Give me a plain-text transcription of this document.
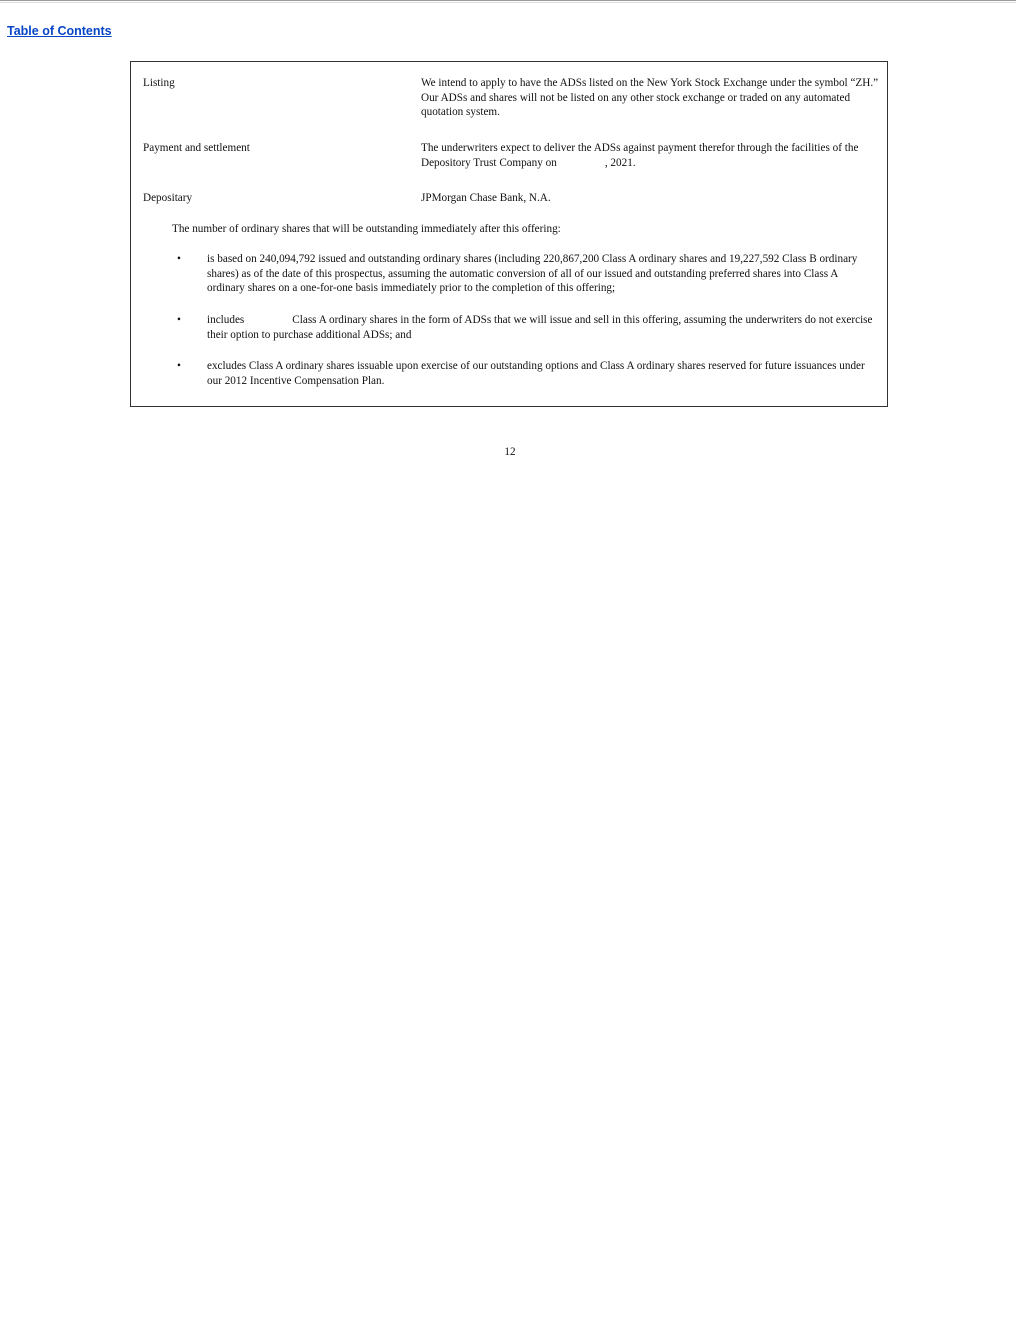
Table of Contents
Listing	We intend to apply to have the ADSs listed on the New York Stock Exchange under the symbol “ZH.” Our ADSs and shares will not be listed on any other stock exchange or traded on any automated quotation system.
Payment and settlement	The underwriters expect to deliver the ADSs against payment therefor through the facilities of the Depository Trust Company on	, 2021.
Depositary	JPMorgan Chase Bank, N.A.
The number of ordinary shares that will be outstanding immediately after this offering:
• is based on 240,094,792 issued and outstanding ordinary shares (including 220,867,200 Class A ordinary shares and 19,227,592 Class B ordinary shares) as of the date of this prospectus, assuming the automatic conversion of all of our issued and outstanding preferred shares into Class A ordinary shares on a one-for-one basis immediately prior to the completion of this offering;
• includes	Class A ordinary shares in the form of ADSs that we will issue and sell in this offering, assuming the underwriters do not exercise their option to purchase additional ADSs; and
• excludes Class A ordinary shares issuable upon exercise of our outstanding options and Class A ordinary shares reserved for future issuances under our 2012 Incentive Compensation Plan.
12
